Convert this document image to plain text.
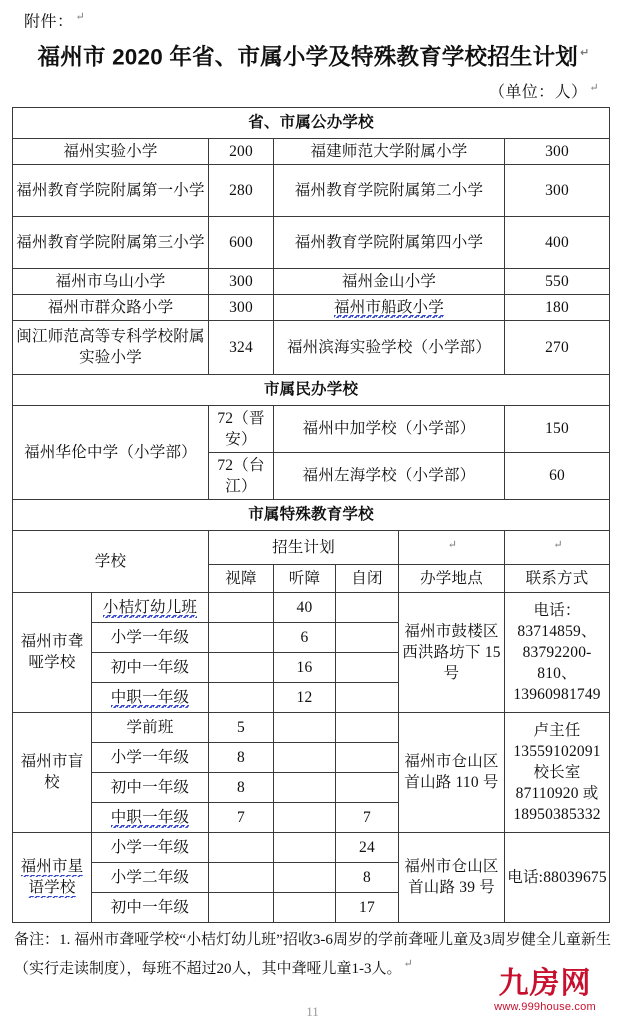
附件： ↵
福州市 2020 年省、市属小学及特殊教育学校招生计划 ↵
（单位：人） ↵
省、市属公办学校						
福州实验小学		200	福建师范大学附属小学			300
福州教育学院附属第一小学		280	福州教育学院附属第二小学			300
福州教育学院附属第三小学		600	福州教育学院附属第四小学			400
福州市乌山小学		300	福州金山小学			550
福州市群众路小学		300	福州市船政小学			180
闽江师范高等专科学校附属实验小学		324	福州滨海实验学校（小学部）			270
市属民办学校						
福州华伦中学（小学部）		72（晋安）	福州中加学校（小学部）			150
		72（台江）	福州左海学校（小学部）			60
市属特殊教育学校						
学校		招生计划			↵	↵
		视障	听障	自闭	办学地点	联系方式
福州市聋哑学校	小桔灯幼儿班		40		福州市鼓楼区西洪路坊下 15 号	电话：83714859、83792200-810、13960981749
	小学一年级		6			
	初中一年级		16			
	中职一年级		12			
福州市盲校	学前班	5			福州市仓山区首山路 110 号	卢主任 13559102091 校长室 87110920 或 18950385332
	小学一年级	8				
	初中一年级	8				
	中职一年级	7		7		
福州市星语学校	小学一年级			24	福州市仓山区首山路 39 号	电话:88039675
	小学二年级			8		
	初中一年级			17		
备注：1. 福州市聋哑学校“小桔灯幼儿班”招收3-6周岁的学前聋哑儿童及3周岁健全儿童新生（实行走读制度），每班不超过20人，其中聋哑儿童1-3人。 ↵
九房网
www.999house.com
11
